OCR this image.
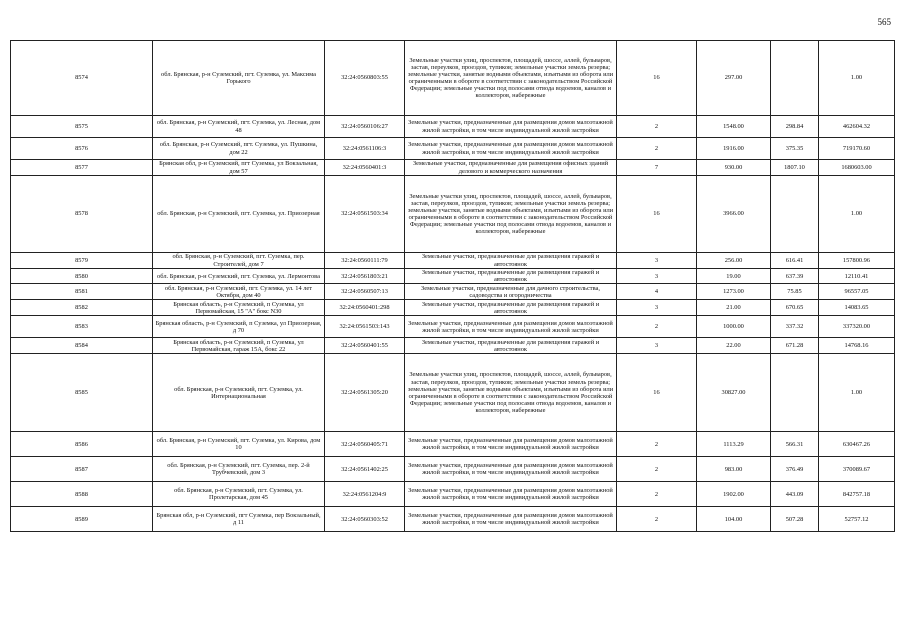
565
8574	обл. Брянская, р-н Суземский, пгт. Суземка, ул. Максима Горького	32:24:0560803:55	Земельные участки улиц, проспектов, площадей, шоссе, аллей, бульваров, застав, переулков, проездов, тупиков; земельные участки земель резерва; земельные участки, занятые водными объектами, изъятыми из оборота или ограниченными в обороте в соответствии с законодательством Российской Федерации; земельные участки под полосами отвода водоемов, каналов и коллекторов, набережные	16	297.00		1.00
8575	обл. Брянская, р-н Суземский, пгт. Суземка, ул. Лесная, дом 48	32:24:0560106:27	Земельные участки, предназначенные для размещения домов малоэтажной жилой застройки, в том числе индивидуальной жилой застройки	2	1548.00	298.84	462604.32
8576	обл. Брянская, р-н Суземский, пгт. Суземка, ул. Пушкина, дом 22	32:24:0561106:3	Земельные участки, предназначенные для размещения домов малоэтажной жилой застройки, в том числе индивидуальной жилой застройки	2	1916.00	375.35	719170.60
8577	Брянская обл, р-н Суземский, пгт Суземка, ул Вокзальная, дом 57	32:24:0560401:3	Земельные участки, предназначенные для размещения офисных зданий делового и коммерческого назначения	7	930.00	1807.10	1680603.00
8578	обл. Брянская, р-н Суземский, пгт. Суземка, ул. Приозерная	32:24:0561503:34	Земельные участки улиц, проспектов, площадей, шоссе, аллей, бульваров, застав, переулков, проездов, тупиков; земельные участки земель резерва; земельные участки, занятые водными объектами, изъятыми из оборота или ограниченными в обороте в соответствии с законодательством Российской Федерации; земельные участки под полосами отвода водоемов, каналов и коллекторов, набережные	16	3966.00		1.00
8579	обл. Брянская, р-н Суземский, пгт. Суземка, пер. Строителей, дом 7	32:24:0560111:79	Земельные участки, предназначенные для размещения гаражей и автостоянок	3	256.00	616.41	157800.96
8580	обл. Брянская, р-н Суземский, пгт. Суземка, ул. Лермонтова	32:24:0561803:21	Земельные участки, предназначенные для размещения гаражей и автостоянок	3	19.00	637.39	12110.41
8581	обл. Брянская, р-н Суземский, пгт. Суземка, ул. 14 лет Октября, дом 40	32:24:0560507:13	Земельные участки, предназначенные для дачного строительства, садоводства и огородничества	4	1273.00	75.85	96557.05
8582	Брянская область, р-н Суземский, п Суземка, ул Первомайская, 15 "А" бокс N30	32:24:0560401:298	Земельные участки, предназначенные для размещения гаражей и автостоянок	3	21.00	670.65	14083.65
8583	Брянская область, р-н Суземский, п Суземка, ул Приозерная, д 70	32:24:0561503:143	Земельные участки, предназначенные для размещения домов малоэтажной жилой застройки, в том числе индивидуальной жилой застройки	2	1000.00	337.32	337320.00
8584	Брянская область, р-н Суземский, п Суземка, ул Первомайская, гараж 15А, бокс 22	32:24:0560401:55	Земельные участки, предназначенные для размещения гаражей и автостоянок	3	22.00	671.28	14768.16
8585	обл. Брянская, р-н Суземский, пгт. Суземка, ул. Интернациональная	32:24:0561305:20	Земельные участки улиц, проспектов, площадей, шоссе, аллей, бульваров, застав, переулков, проездов, тупиков; земельные участки земель резерва; земельные участки, занятые водными объектами, изъятыми из оборота или ограниченными в обороте в соответствии с законодательством Российской Федерации; земельные участки под полосами отвода водоемов, каналов и коллекторов, набережные	16	30827.00		1.00
8586	обл. Брянская, р-н Суземский, пгт. Суземка, ул. Кирова, дом 10	32:24:0560405:71	Земельные участки, предназначенные для размещения домов малоэтажной жилой застройки, в том числе индивидуальной жилой застройки	2	1113.29	566.31	630467.26
8587	обл. Брянская, р-н Суземский, пгт. Суземка, пер. 2-й Трубчевский, дом 3	32:24:0561402:25	Земельные участки, предназначенные для размещения домов малоэтажной жилой застройки, в том числе индивидуальной жилой застройки	2	983.00	376.49	370089.67
8588	обл. Брянская, р-н Суземский, пгт. Суземка, ул. Пролетарская, дом 45	32:24:0561204:9	Земельные участки, предназначенные для размещения домов малоэтажной жилой застройки, в том числе индивидуальной жилой застройки	2	1902.00	443.09	842757.18
8589	Брянская обл, р-н Суземский, пгт Суземка, пер Вокзальный, д 11	32:24:0560303:52	Земельные участки, предназначенные для размещения домов малоэтажной жилой застройки, в том числе индивидуальной жилой застройки	2	104.00	507.28	52757.12
